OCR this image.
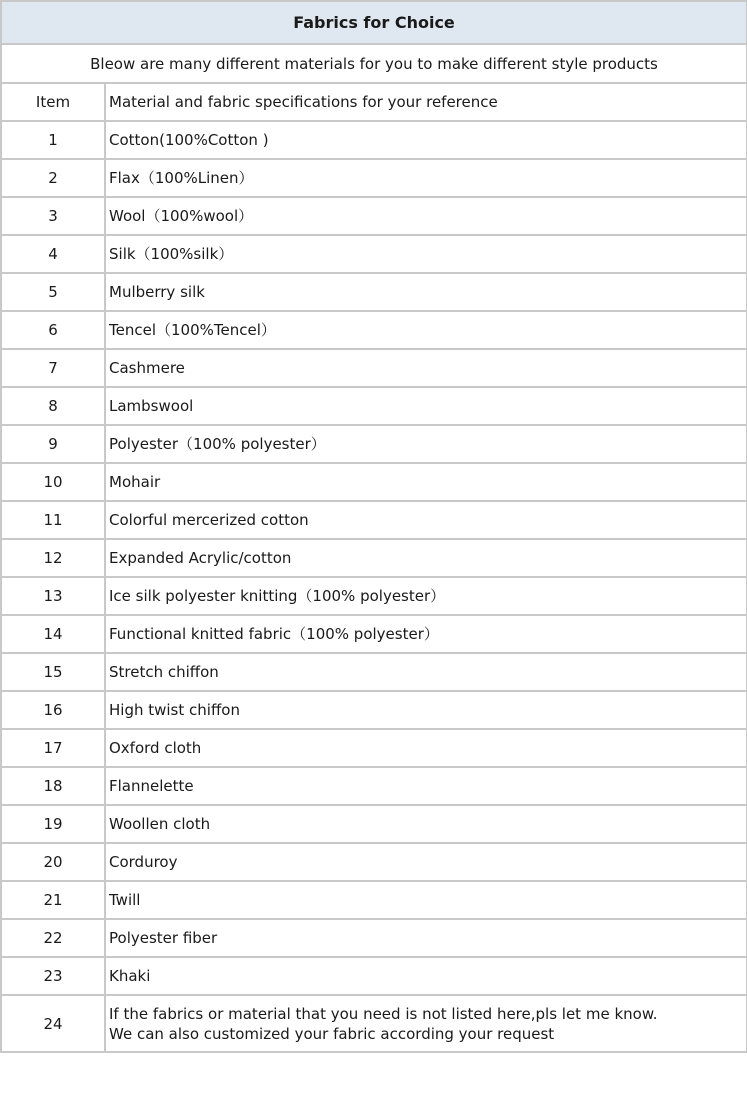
Fabrics for Choice	
Bleow are many different materials for you to make different style products	
Item	Material and fabric specifications for your reference
1	Cotton(100%Cotton )
2	Flax（100%Linen）
3	Wool（100%wool）
4	Silk（100%silk）
5	Mulberry silk
6	Tencel（100%Tencel）
7	Cashmere
8	Lambswool
9	Polyester（100% polyester）
10	Mohair
11	Colorful mercerized cotton
12	Expanded Acrylic/cotton
13	Ice silk polyester knitting（100% polyester）
14	Functional knitted fabric（100% polyester）
15	Stretch chiffon
16	High twist chiffon
17	Oxford cloth
18	Flannelette
19	Woollen cloth
20	Corduroy
21	Twill
22	Polyester fiber
23	Khaki
24	If the fabrics or material that you need is not listed here,pls let me know.
We can also customized your fabric according your request
